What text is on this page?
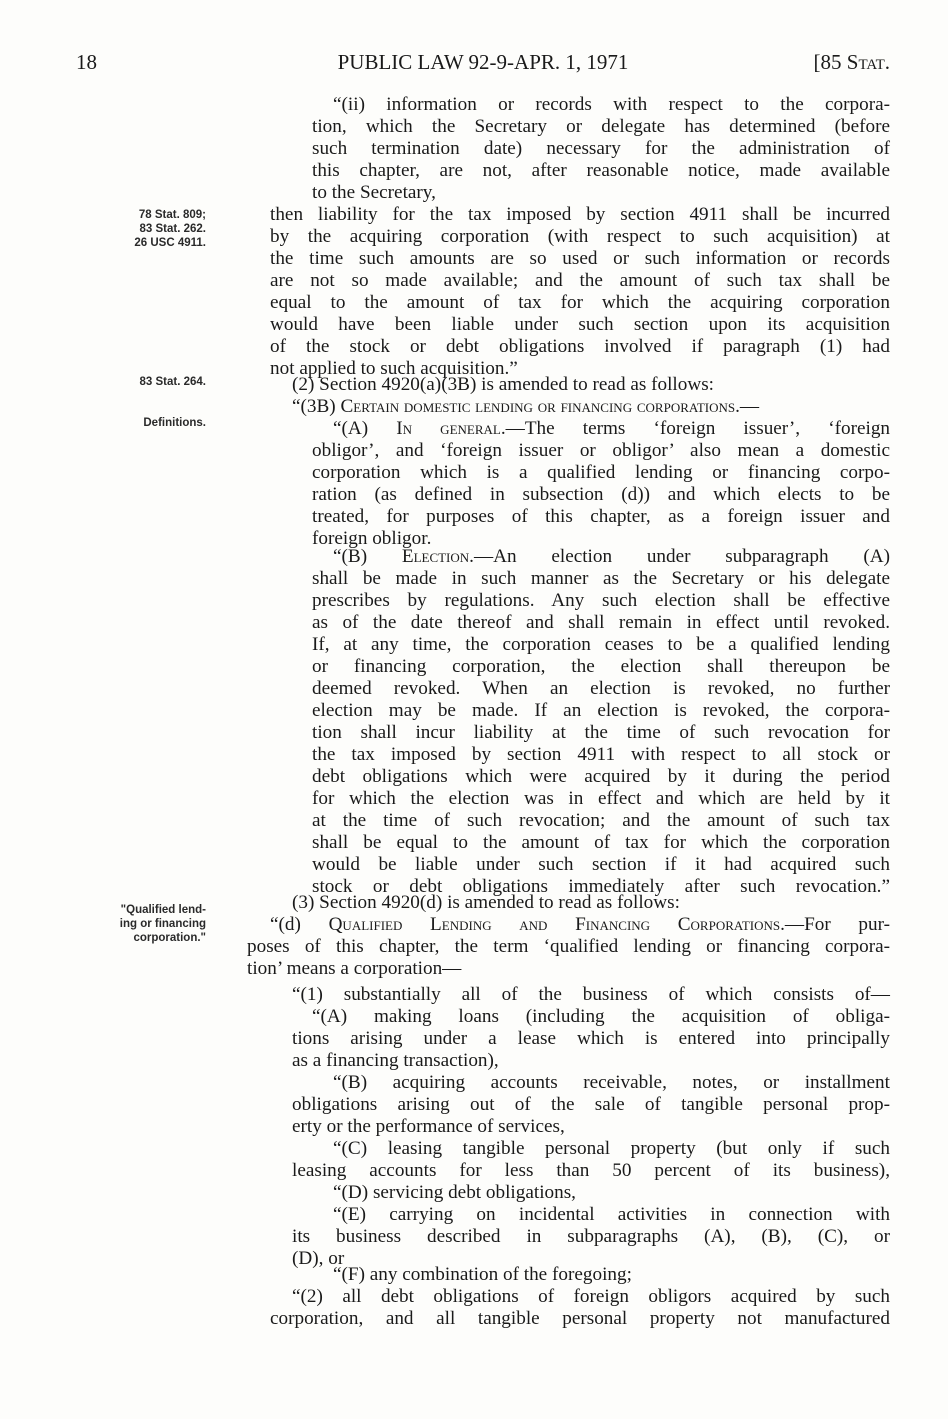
18	PUBLIC LAW 92-9-APR. 1, 1971	[85 Stat.
78 Stat. 809;
83 Stat. 262.
26 USC 4911.
83 Stat. 264.
Definitions.
"Qualified lend-
ing or financing
corporation."
“(ii) information or records with respect to the corpora-
tion, which the Secretary or delegate has determined (before
such termination date) necessary for the administration of
this chapter, are not, after reasonable notice, made available
to the Secretary,
then liability for the tax imposed by section 4911 shall be incurred
by the acquiring corporation (with respect to such acquisition) at
the time such amounts are so used or such information or records
are not so made available; and the amount of such tax shall be
equal to the amount of tax for which the acquiring corporation
would have been liable under such section upon its acquisition
of the stock or debt obligations involved if paragraph (1) had
not applied to such acquisition.”
(2) Section 4920(a)(3B) is amended to read as follows:
“(3B) Certain domestic lending or financing corporations.—
“(A) In general.—The terms ‘foreign issuer’, ‘foreign
obligor’, and ‘foreign issuer or obligor’ also mean a domestic
corporation which is a qualified lending or financing corpo-
ration (as defined in subsection (d)) and which elects to be
treated, for purposes of this chapter, as a foreign issuer and
foreign obligor.
“(B) Election.—An election under subparagraph (A)
shall be made in such manner as the Secretary or his delegate
prescribes by regulations. Any such election shall be effective
as of the date thereof and shall remain in effect until revoked.
If, at any time, the corporation ceases to be a qualified lending
or financing corporation, the election shall thereupon be
deemed revoked. When an election is revoked, no further
election may be made. If an election is revoked, the corpora-
tion shall incur liability at the time of such revocation for
the tax imposed by section 4911 with respect to all stock or
debt obligations which were acquired by it during the period
for which the election was in effect and which are held by it
at the time of such revocation; and the amount of such tax
shall be equal to the amount of tax for which the corporation
would be liable under such section if it had acquired such
stock or debt obligations immediately after such revocation.”
(3) Section 4920(d) is amended to read as follows:
“(d) Qualified Lending and Financing Corporations.—For pur-
poses of this chapter, the term ‘qualified lending or financing corpora-
tion’ means a corporation—
“(1) substantially all of the business of which consists of—
“(A) making loans (including the acquisition of obliga-
tions arising under a lease which is entered into principally
as a financing transaction),
“(B) acquiring accounts receivable, notes, or installment
obligations arising out of the sale of tangible personal prop-
erty or the performance of services,
“(C) leasing tangible personal property (but only if such
leasing accounts for less than 50 percent of its business),
“(D) servicing debt obligations,
“(E) carrying on incidental activities in connection with
its business described in subparagraphs (A), (B), (C), or
(D), or
“(F) any combination of the foregoing;
“(2) all debt obligations of foreign obligors acquired by such
corporation, and all tangible personal property not manufactured
